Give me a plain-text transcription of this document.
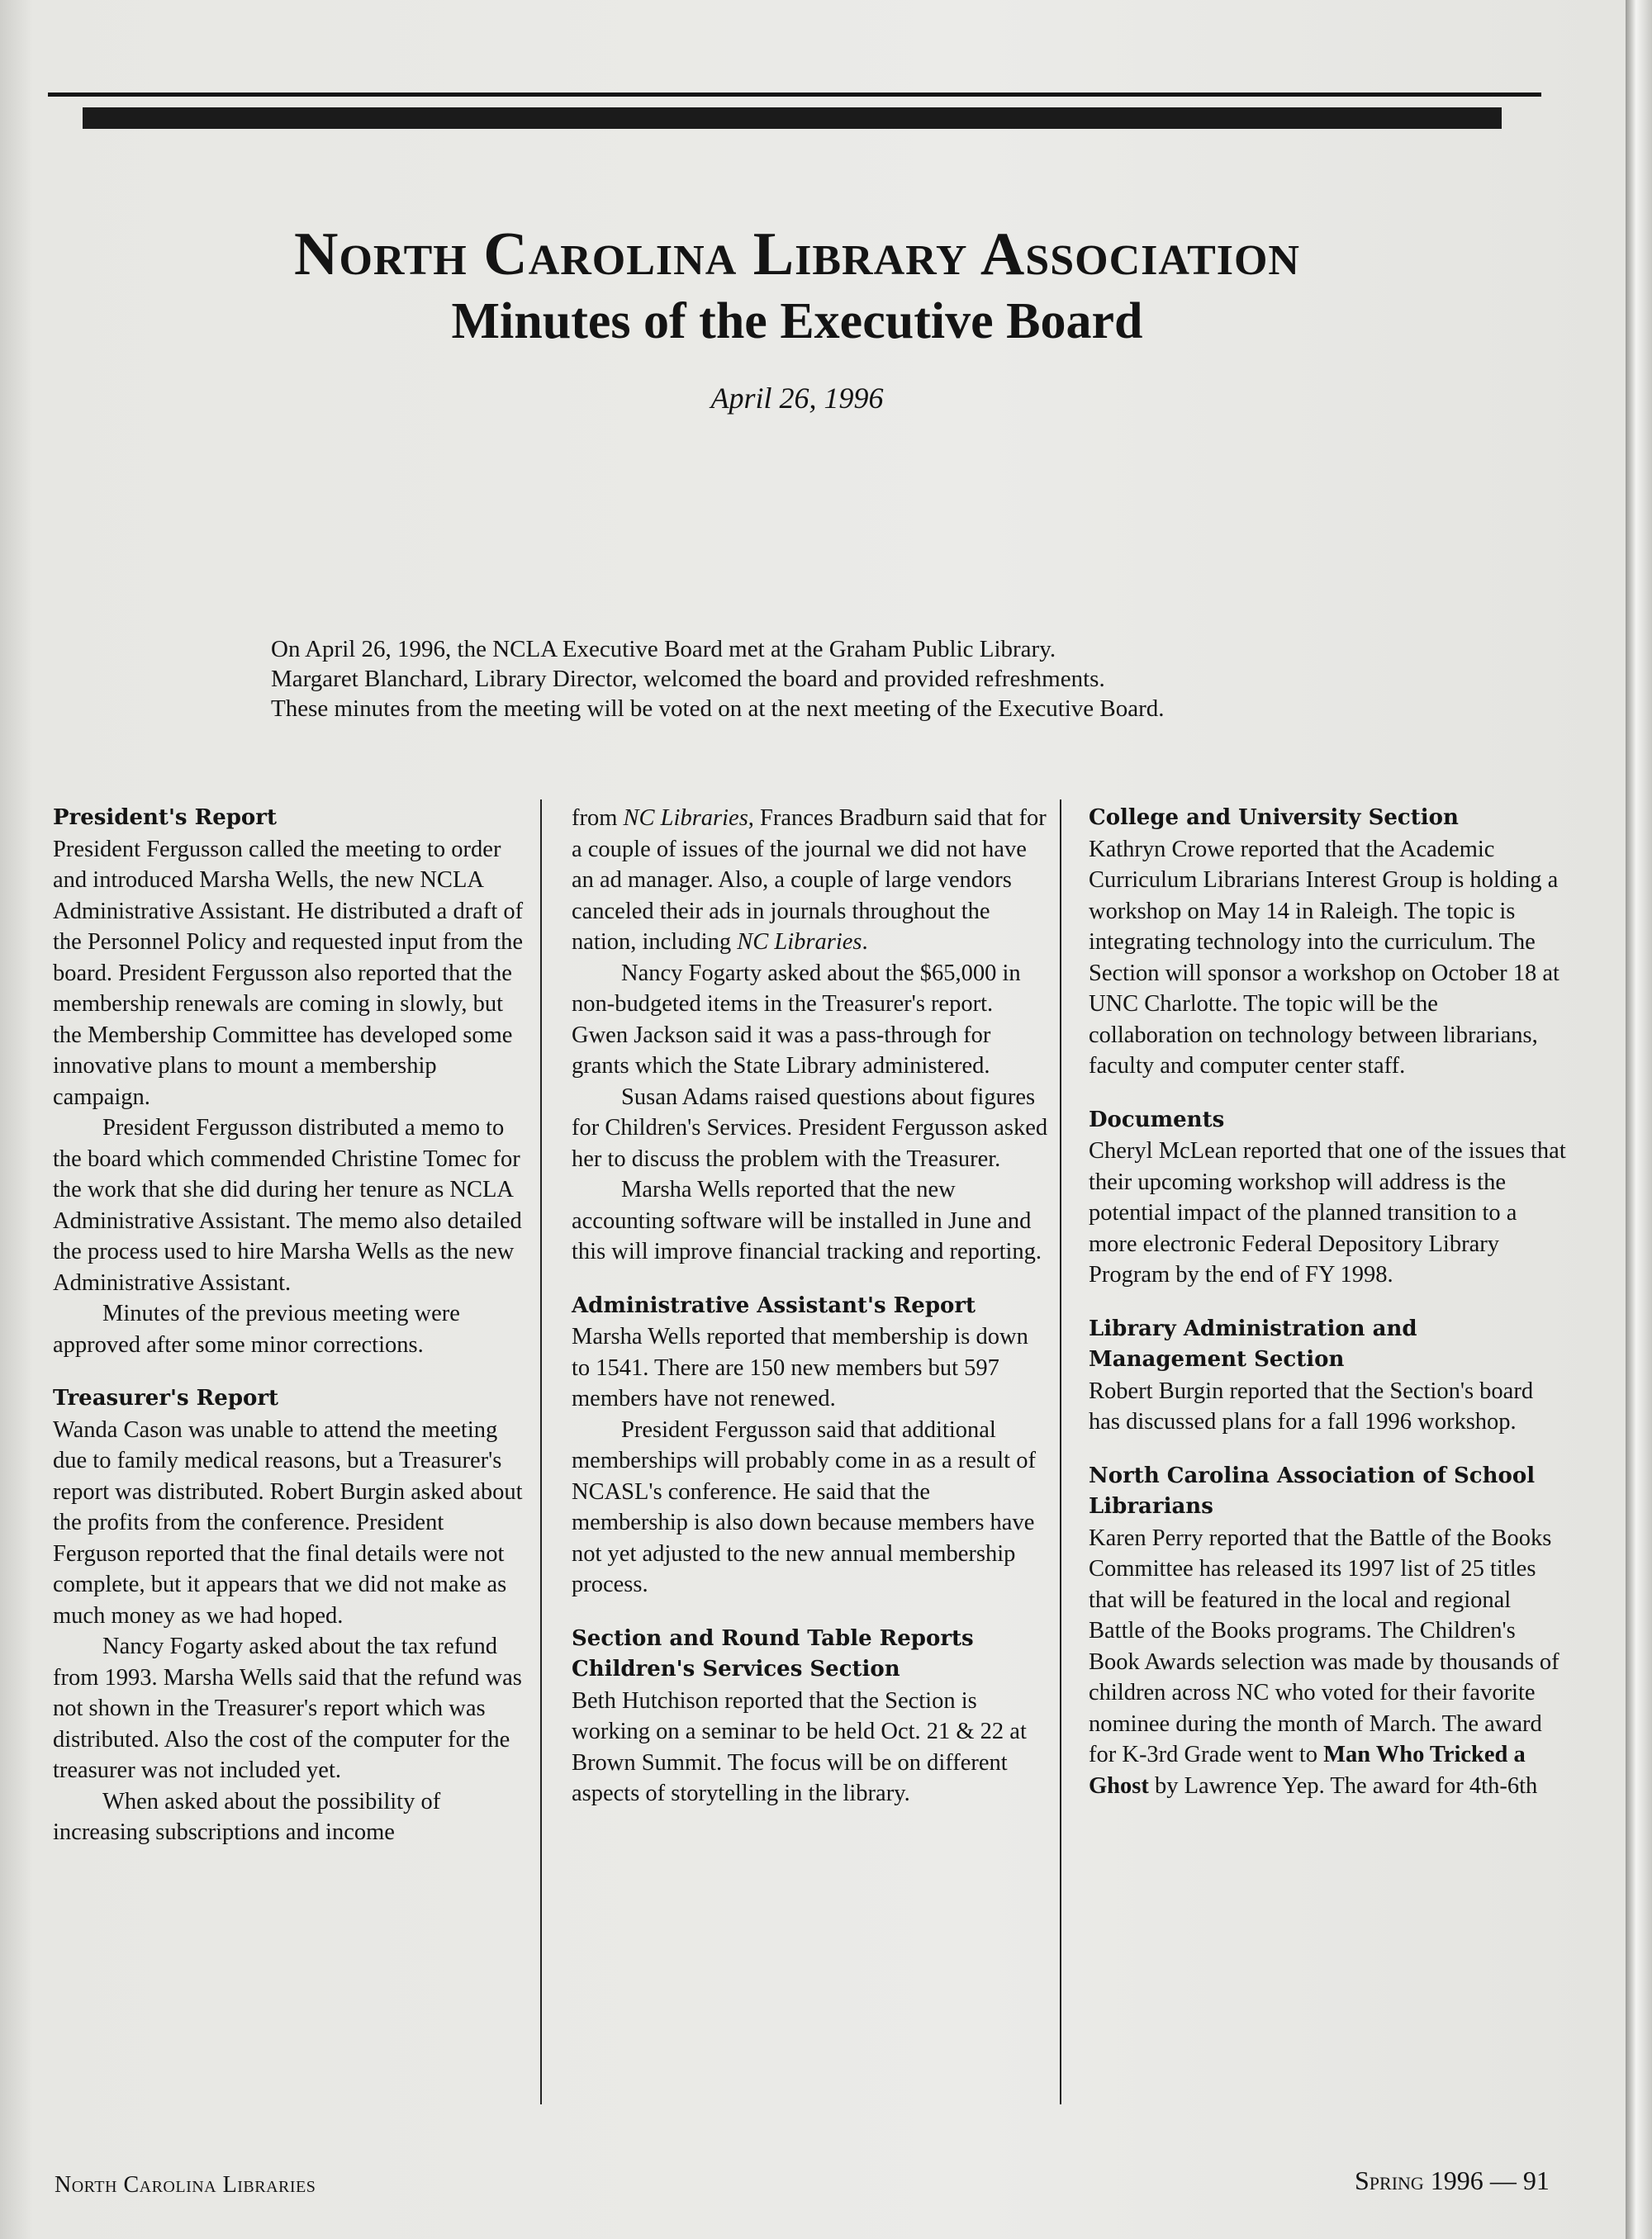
North Carolina Library Association
Minutes of the Executive Board
April 26, 1996
On April 26, 1996, the NCLA Executive Board met at the Graham Public Library.
Margaret Blanchard, Library Director, welcomed the board and provided refreshments.
These minutes from the meeting will be voted on at the next meeting of the Executive Board.
President's Report

President Fergusson called the meeting to order and introduced Marsha Wells, the new NCLA Administrative Assistant. He distributed a draft of the Personnel Policy and requested input from the board. President Fergusson also reported that the membership renewals are coming in slowly, but the Membership Committee has developed some innovative plans to mount a membership campaign.

President Fergusson distributed a memo to the board which commended Christine Tomec for the work that she did during her tenure as NCLA Administrative Assistant. The memo also detailed the process used to hire Marsha Wells as the new Administrative Assistant.

Minutes of the previous meeting were approved after some minor corrections.

Treasurer's Report

Wanda Cason was unable to attend the meeting due to family medical reasons, but a Treasurer's report was distributed. Robert Burgin asked about the profits from the conference. President Ferguson reported that the final details were not complete, but it appears that we did not make as much money as we had hoped.

Nancy Fogarty asked about the tax refund from 1993. Marsha Wells said that the refund was not shown in the Treasurer's report which was distributed. Also the cost of the computer for the treasurer was not included yet.

When asked about the possibility of increasing subscriptions and income

from NC Libraries, Frances Bradburn said that for a couple of issues of the journal we did not have an ad manager. Also, a couple of large vendors canceled their ads in journals throughout the nation, including NC Libraries.

Nancy Fogarty asked about the $65,000 in non-budgeted items in the Treasurer's report. Gwen Jackson said it was a pass-through for grants which the State Library administered.

Susan Adams raised questions about figures for Children's Services. President Fergusson asked her to discuss the problem with the Treasurer.

Marsha Wells reported that the new accounting software will be installed in June and this will improve financial tracking and reporting.

Administrative Assistant's Report

Marsha Wells reported that membership is down to 1541. There are 150 new members but 597 members have not renewed.

President Fergusson said that additional memberships will probably come in as a result of NCASL's conference. He said that the membership is also down because members have not yet adjusted to the new annual membership process.

Section and Round Table Reports
Children's Services Section

Beth Hutchison reported that the Section is working on a seminar to be held Oct. 21 & 22 at Brown Summit. The focus will be on different aspects of storytelling in the library.

College and University Section

Kathryn Crowe reported that the Academic Curriculum Librarians Interest Group is holding a workshop on May 14 in Raleigh. The topic is integrating technology into the curriculum. The Section will sponsor a workshop on October 18 at UNC Charlotte. The topic will be the collaboration on technology between librarians, faculty and computer center staff.

Documents

Cheryl McLean reported that one of the issues that their upcoming workshop will address is the potential impact of the planned transition to a more electronic Federal Depository Library Program by the end of FY 1998.

Library Administration and Management Section

Robert Burgin reported that the Section's board has discussed plans for a fall 1996 workshop.

North Carolina Association of School Librarians

Karen Perry reported that the Battle of the Books Committee has released its 1997 list of 25 titles that will be featured in the local and regional Battle of the Books programs. The Children's Book Awards selection was made by thousands of children across NC who voted for their favorite nominee during the month of March. The award for K-3rd Grade went to Man Who Tricked a Ghost by Lawrence Yep. The award for 4th-6th

North Carolina Libraries	Spring 1996 — 91
